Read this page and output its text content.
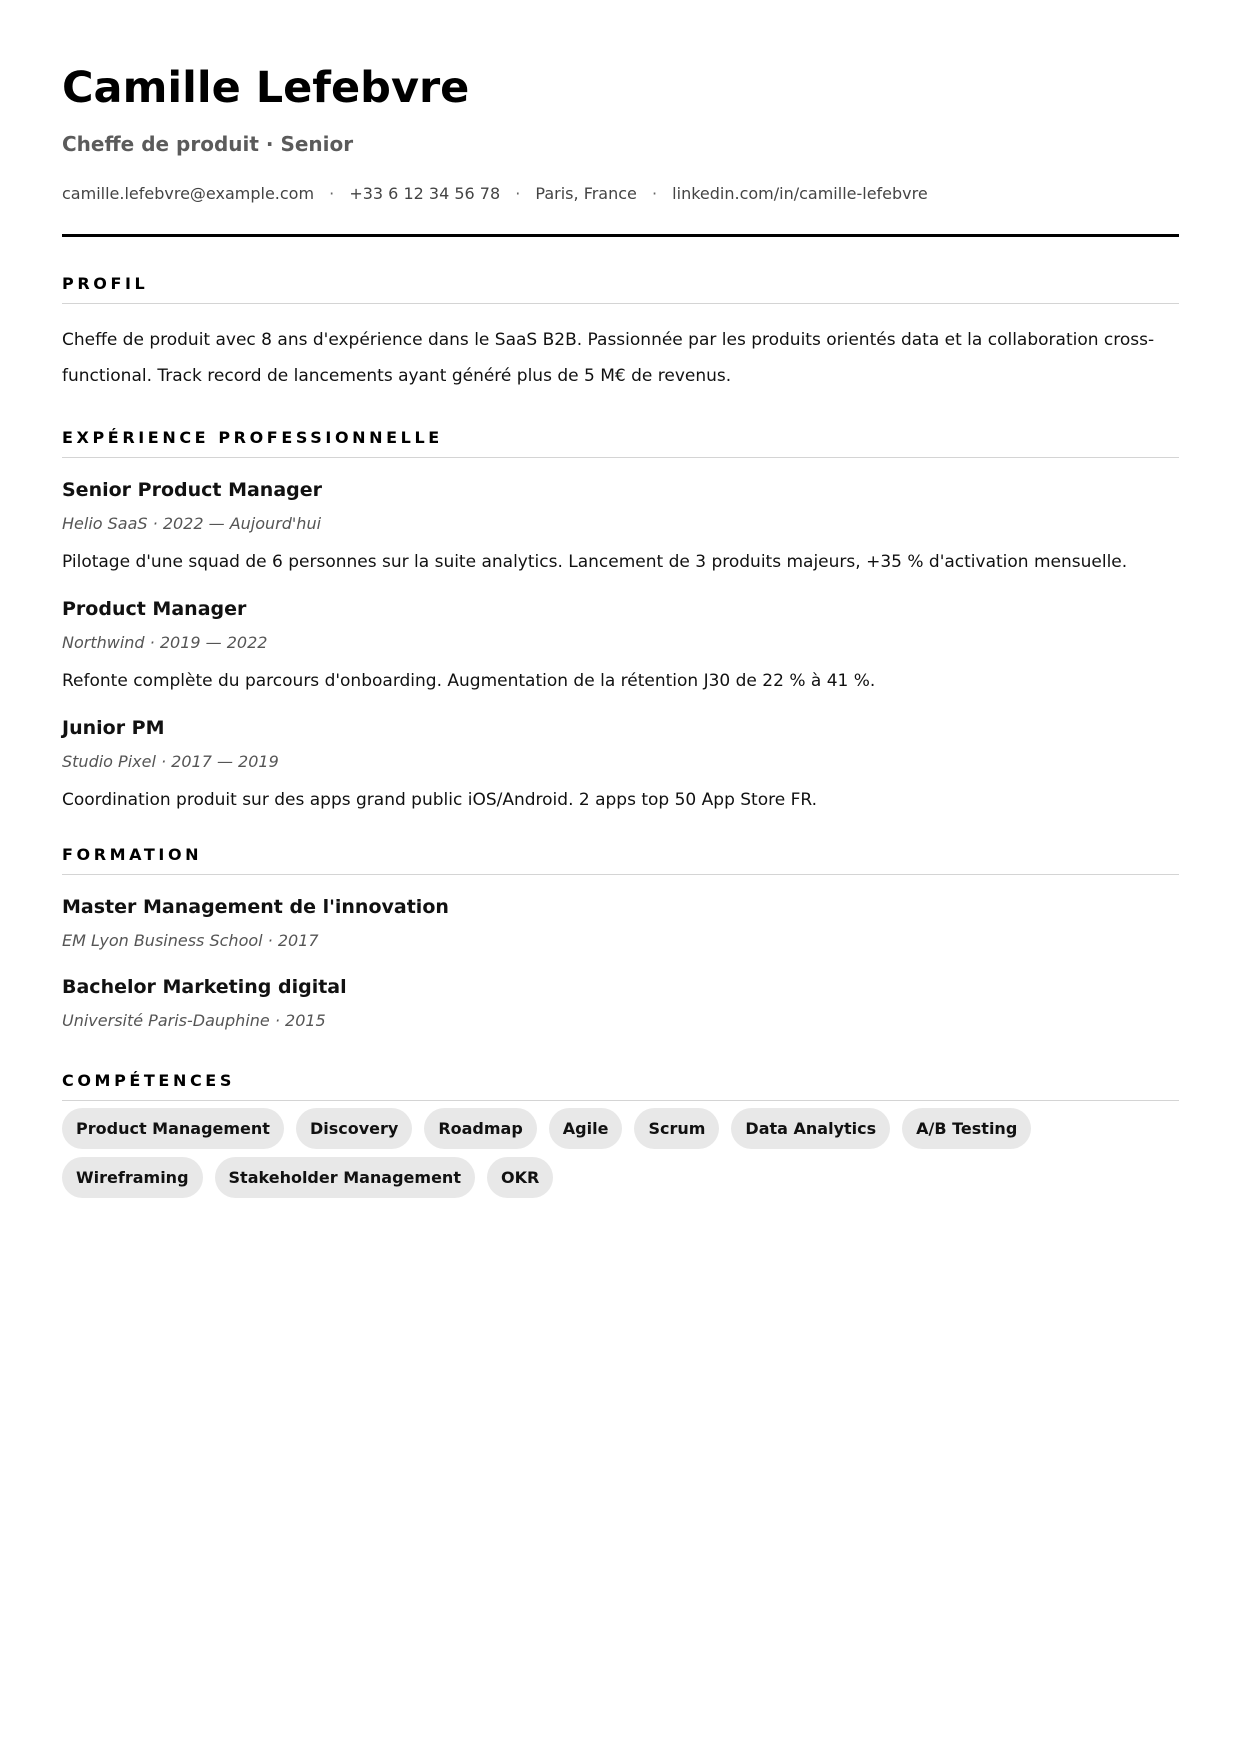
Camille Lefebvre
Cheffe de produit · Senior
camille.lefebvre@example.com · +33 6 12 34 56 78 · Paris, France · linkedin.com/in/camille-lefebvre
PROFIL
Cheffe de produit avec 8 ans d'expérience dans le SaaS B2B. Passionnée par les produits orientés data et la collaboration cross-functional. Track record de lancements ayant généré plus de 5 M€ de revenus.
EXPÉRIENCE PROFESSIONNELLE
Senior Product Manager
Helio SaaS · 2022 — Aujourd'hui
Pilotage d'une squad de 6 personnes sur la suite analytics. Lancement de 3 produits majeurs, +35 % d'activation mensuelle.
Product Manager
Northwind · 2019 — 2022
Refonte complète du parcours d'onboarding. Augmentation de la rétention J30 de 22 % à 41 %.
Junior PM
Studio Pixel · 2017 — 2019
Coordination produit sur des apps grand public iOS/Android. 2 apps top 50 App Store FR.
FORMATION
Master Management de l'innovation
EM Lyon Business School · 2017
Bachelor Marketing digital
Université Paris-Dauphine · 2015
COMPÉTENCES
Product Management	Discovery	Roadmap	Agile	Scrum	Data Analytics	A/B Testing
Wireframing	Stakeholder Management	OKR
